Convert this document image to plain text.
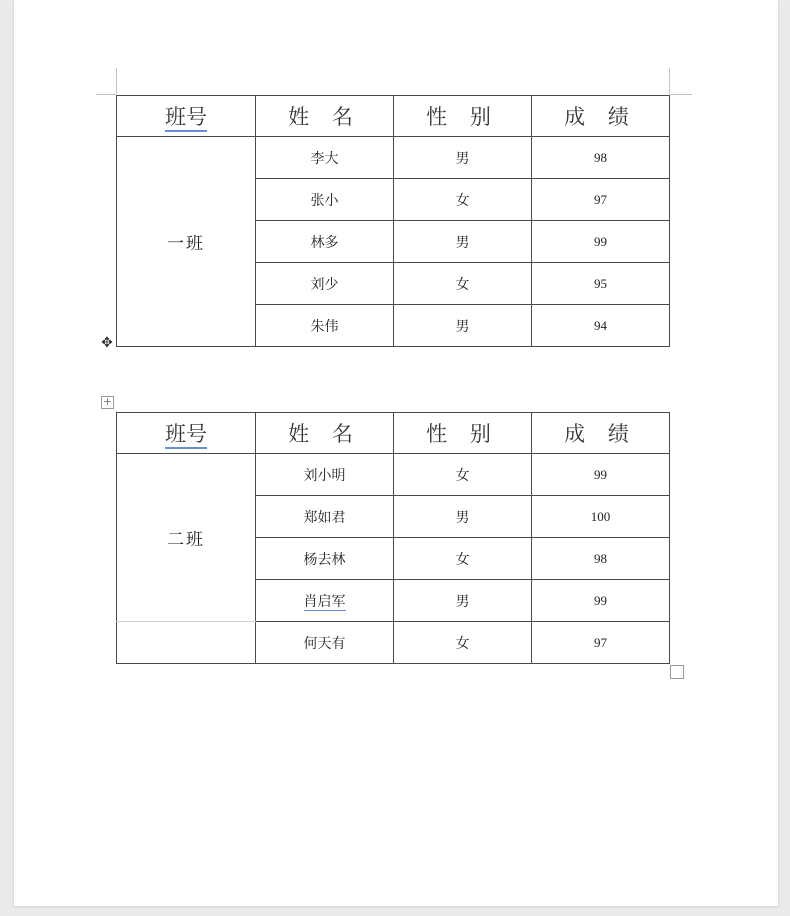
✥
+
班号	姓 名	性 别	成 绩
一班	李大	男	98
	张小	女	97
	林多	男	99
	刘少	女	95
	朱伟	男	94
班号	姓 名	性 别	成 绩
二班	刘小明	女	99
	郑如君	男	100
	杨去林	女	98
	肖启军	男	99
	何天有	女	97
